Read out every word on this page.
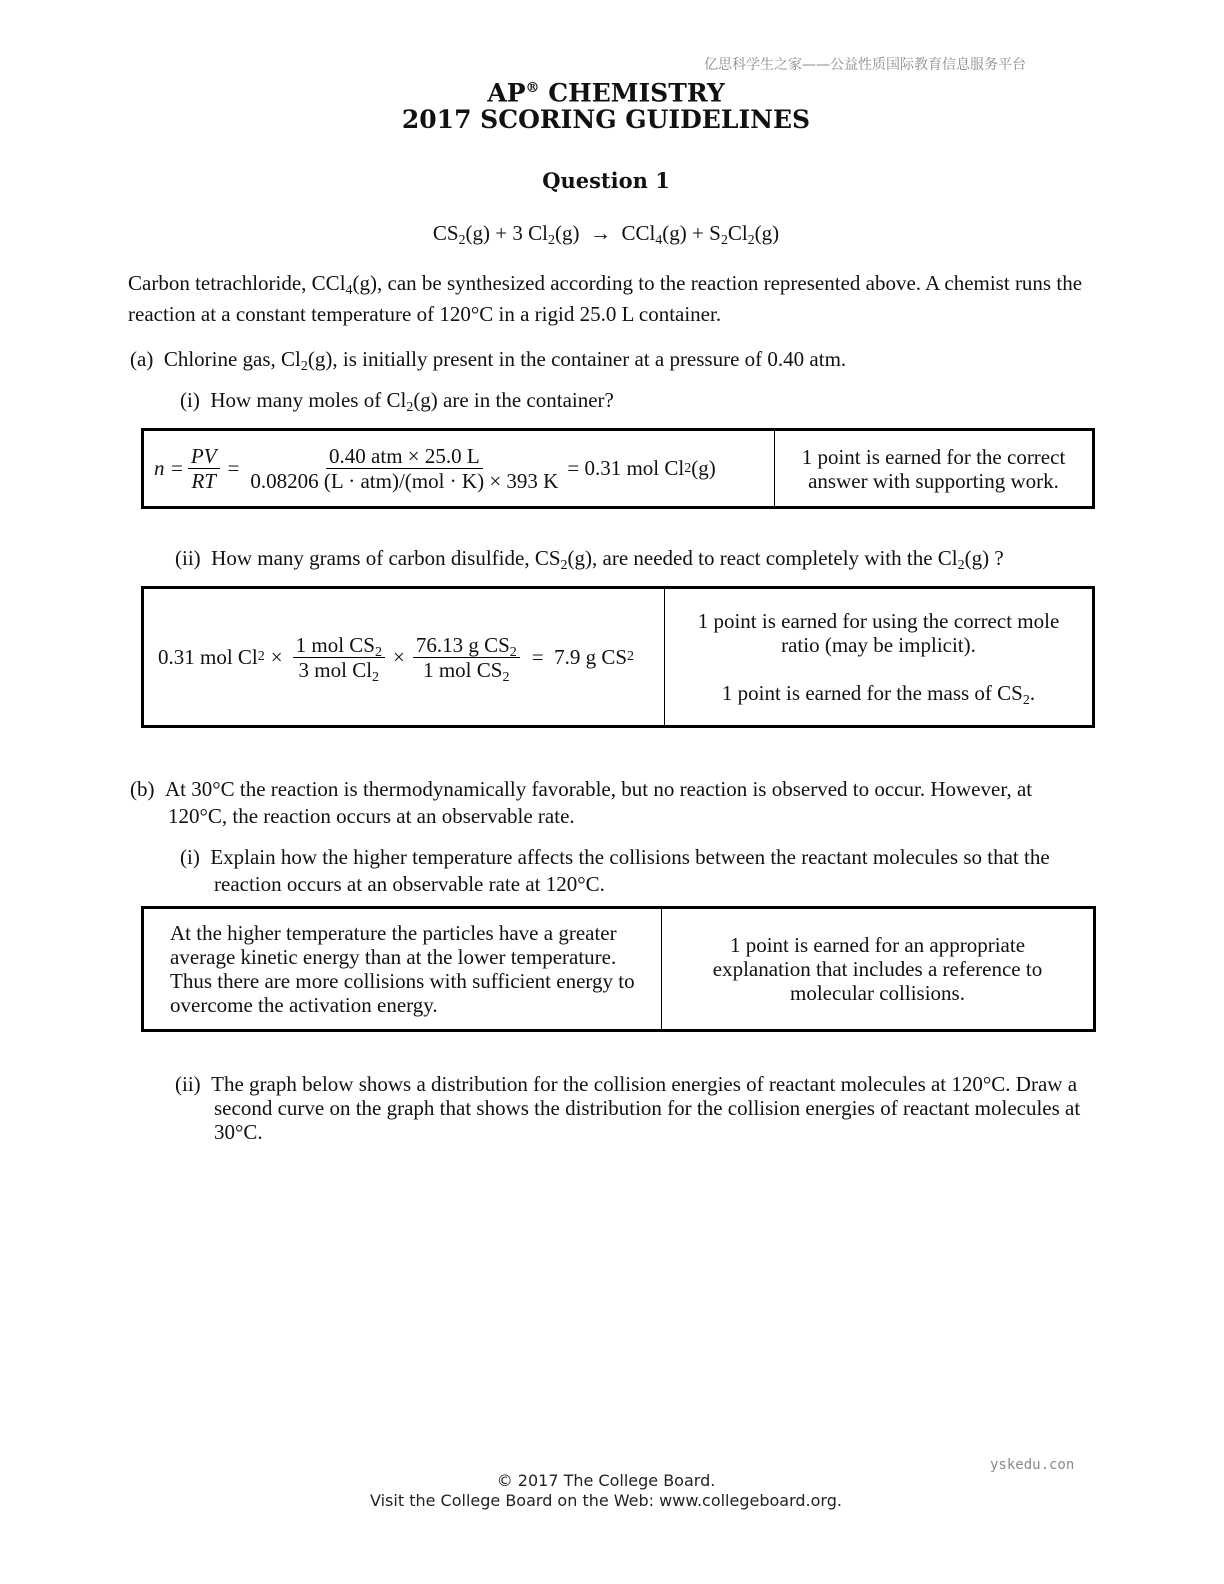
亿思科学生之家——公益性质国际教育信息服务平台
AP® CHEMISTRY
2017 SCORING GUIDELINES
Question 1
$CS_2(g) + 3$ $Cl_2(g) \to CCl_4(g) + S_2Cl_2(g)$
Carbon tetrachloride, CCl$_4$(g), can be synthesized according to the reaction represented above. A chemist runs the reaction at a constant temperature of 120°C in a rigid 25.0 L container.
(a) Chlorine gas, $Cl_2(g)$, is initially present in the container at a pressure of 0.40 atm.
(i) How many moles of $Cl_2(g)$ are in the container?
$n = \frac{PV}{RT} = \frac{\text{0.40 atm × 25.0 L}}{\text{0.08206 (L · atm)/(mol · K) × 393 K}} = 0.31$ mol Cl 2 (g)	1 point is earned for the correct answer with supporting work.
(ii) How many grams of carbon disulfide, $CS_2(g)$, are needed to react completely with the $Cl_2(g)$ ?
0.31 mol Cl $2 \times \frac{1 mol CS_2}{3 mol Cl_2} \times \frac{76.13 g CS_2}{1 mol CS_2} = 7.9$ g CS 2
1 point is earned for using the correct mole ratio (may be implicit).
1 point is earned for the mass of $CS_2$.
(b) At 30°C the reaction is thermodynamically favorable, but no reaction is observed to occur. However, at
120°C, the reaction occurs at an observable rate.
(i) Explain how the higher temperature affects the collisions between the reactant molecules so that the
reaction occurs at an observable rate at 120°C.
At the higher temperature the particles have a greater average kinetic energy than at the lower temperature. Thus there are more collisions with sufficient energy to overcome the activation energy.
1 point is earned for an appropriate explanation that includes a reference to molecular collisions.
(ii) The graph below shows a distribution for the collision energies of reactant molecules at 120°C. Draw a
second curve on the graph that shows the distribution for the collision energies of reactant molecules at
30°C.
yskedu.con
© 2017 The College Board.
Visit the College Board on the Web: www.collegeboard.org.
